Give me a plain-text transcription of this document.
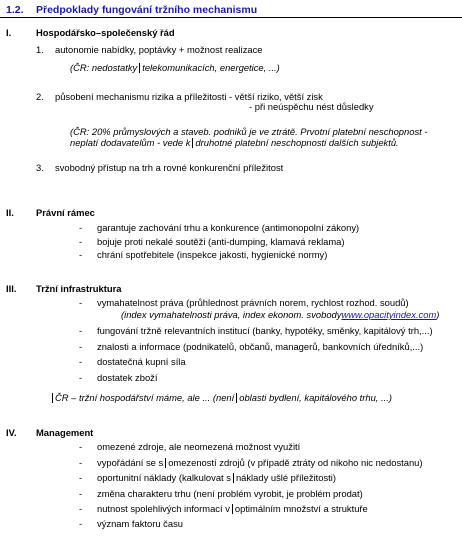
1.2. Předpoklady fungování tržního mechanismu
I.	Hospodářsko–společenský řád
1. autonomie nabídky, poptávky + možnost realizace
(ČR: nedostatky telekomunikacích, energetice, ...)
2. působení mechanismu rizika a příležitosti - větší riziko, větší zisk
- při neúspěchu nést důsledky
(ČR: 20% průmyslových a staveb. podniků je ve ztrátě. Prvotní platební neschopnost -
neplatí dodavatelům - vede k druhotné platební neschopnosti dalších subjektů.
3. svobodný přístup na trh a rovné konkurenční příležitost
II. Právní rámec
- garantuje zachování trhu a konkurence (antimonopolní zákony)
- bojuje proti nekalé soutěži (anti-dumping, klamavá reklama)
- chrání spotřebitele (inspekce jakosti, hygienické normy)
III. Tržní infrastruktura
- vymahatelnost práva (průhlednost právních norem, rychlost rozhod. soudů)
(index vymahatelnosti práva, index ekonom. svobodywww.opacityindex.com)
- fungování tržně relevantních institucí (banky, hypotéky, směnky, kapitálový trh,...)
- znalosti a informace (podnikatelů, občanů, managerů, bankovních úředníků,...)
- dostatečná kupní síla
- dostatek zboží
ČR – tržní hospodářství máme, ale ... (není oblasti bydlení, kapitálového trhu, ...)
IV. Management
- omezené zdroje, ale neomezená možnost využití
- vypořádání se s omezeností zdrojů (v případě ztráty od nikoho nic nedostanu)
- oportunitní náklady (kalkulovat s náklady ušlé příležitosti)
- změna charakteru trhu (není problém vyrobit, je problém prodat)
- nutnost spolehlivých informací v optimálním množství a struktuře
- význam faktoru času
